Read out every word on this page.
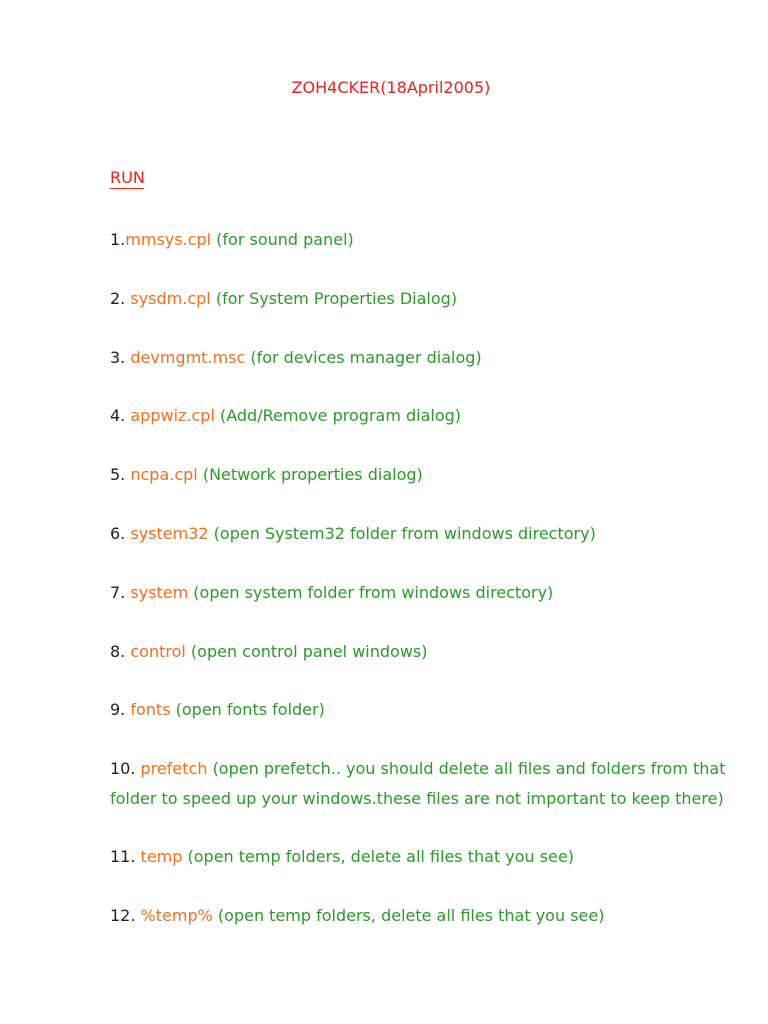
ZOH4CKER(18April2005)
RUN
1.mmsys.cpl (for sound panel)
2. sysdm.cpl (for System Properties Dialog)
3. devmgmt.msc (for devices manager dialog)
4. appwiz.cpl (Add/Remove program dialog)
5. ncpa.cpl (Network properties dialog)
6. system32 (open System32 folder from windows directory)
7. system (open system folder from windows directory)
8. control (open control panel windows)
9. fonts (open fonts folder)
10. prefetch (open prefetch.. you should delete all files and folders from that folder to speed up your windows.these files are not important to keep there)
11. temp (open temp folders, delete all files that you see)
12. %temp% (open temp folders, delete all files that you see)
